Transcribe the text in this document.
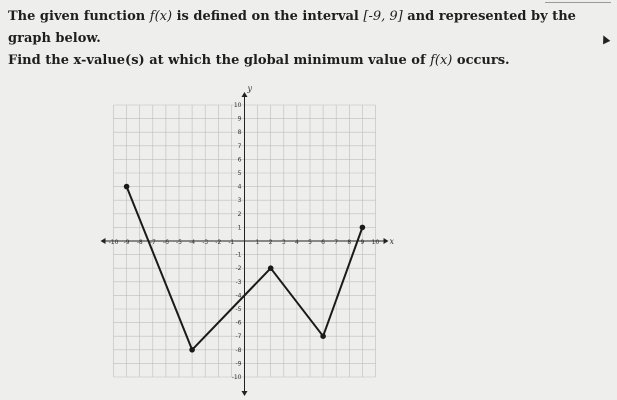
The given function f(x) is defined on the interval [-9, 9] and represented by the graph below.

Find the x-value(s) at which the global minimum value of f(x) occurs.

x
y
-10 -9 -8 -7 -6 -5 -4 -3 -2 -1	1 2 3 4 5 6 7 8 9 10
-10
-9
-8
-7
-6
-5
-4
-3
-2
-1
1
2
3
4
5
6
7
8
9
10
